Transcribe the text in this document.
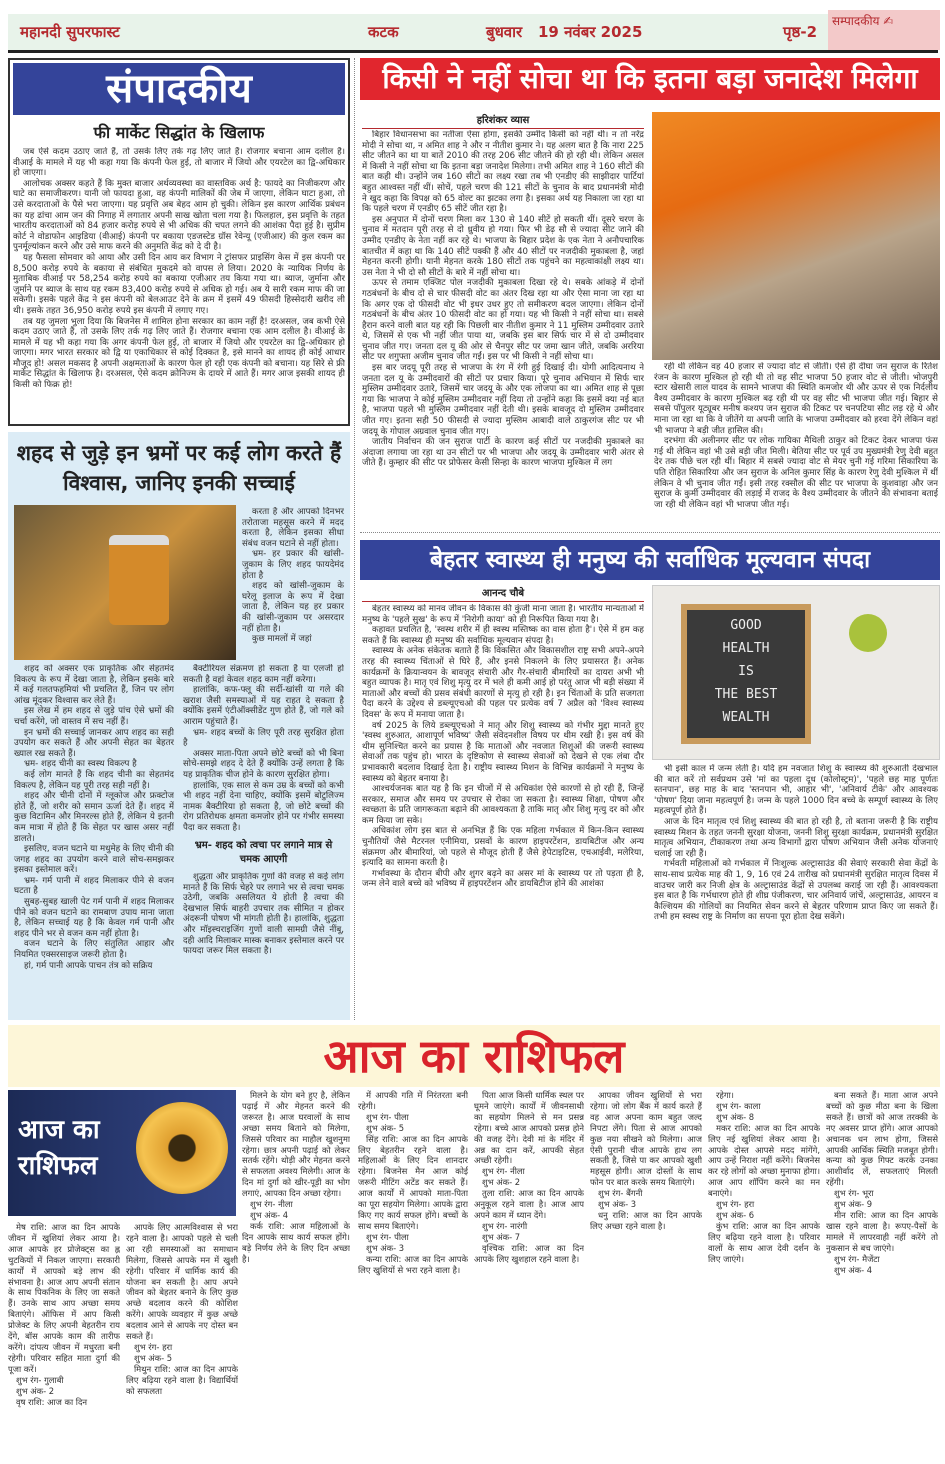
महानदी सुपरफास्ट	कटक	बुधवार 19 नवंबर 2025	पृष्ठ-2
सम्पादकीय ✍
संपादकीय
फी मार्केट सिद्धांत के खिलाफ

जब ऐसे कदम उठाए जाते हैं, तो उसके लिए तर्क गढ़ लिए जाते हैं। रोजगार बचाना आम दलील है। वीआई के मामले में यह भी कहा गया कि कंपनी फेल हुई, तो बाजार में जियो और एयरटेल का द्वि-अधिकार हो जाएगा।

आलोचक अक्सर कहते हैं कि मुक्त बाजार अर्थव्यवस्था का वास्तविक अर्थ है: फायदे का निजीकरण और घाटे का समाजीकरण। यानी जो फायदा हुआ, वह कंपनी मालिकों की जेब में जाएगा, लेकिन घाटा हुआ, तो उसे करदाताओं के पैसे भरा जाएगा। यह प्रवृत्ति अब बेहद आम हो चुकी। लेकिन इस कारण आर्थिक प्रबंधन का यह ढांचा आम जन की निगाह में लगातार अपनी साख खोता चला गया है। फिलहाल, इस प्रवृत्ति के तहत भारतीय करदाताओं को 84 हजार करोड़ रुपये से भी अधिक की चपत लगने की आशंका पैदा हुई है। सुप्रीम कोर्ट ने वोडाफोन आइडिया (वीआई) कंपनी पर बकाया एडजस्टेड ग्रॉस रेवेन्यू (एजीआर) की कुल रकम का पुनर्मूल्यांकन करने और उसे माफ करने की अनुमति केंद्र को दे दी है।

यह फैसला सोमवार को आया और उसी दिन आय कर विभाग ने ट्रांसफर प्राइसिंग केस में इस कंपनी पर 8,500 करोड़ रुपये के बकाया से संबंधित मुकदमे को वापस ले लिया। 2020 के न्यायिक निर्णय के मुताबिक वीआई पर 58,254 करोड़ रुपये का बकाया एजीआर तय किया गया था। ब्याज, जुर्माना और जुर्माने पर ब्याज के साथ यह रकम 83,400 करोड़ रुपये से अधिक हो गई। अब ये सारी रकम माफ की जा सकेगी। इसके पहले केंद्र ने इस कंपनी को बेलआउट देने के क्रम में इसमें 49 फीसदी हिस्सेदारी खरीद ली थी। इसके तहत 36,950 करोड़ रुपये इस कंपनी में लगाए गए।

तब यह जुमला भुला दिया कि बिजनेस में शामिल होना सरकार का काम नहीं है! दरअसल, जब कभी ऐसे कदम उठाए जाते हैं, तो उसके लिए तर्क गढ़ लिए जाते हैं। रोजगार बचाना एक आम दलील है। वीआई के मामले में यह भी कहा गया कि अगर कंपनी फेल हुई, तो बाजार में जियो और एयरटेल का द्वि-अधिकार हो जाएगा। मगर भारत सरकार को द्वि या एकाधिकार से कोई दिक्कत है, इसे मानने का शायद ही कोई आधार मौजूद हो! असल मकसद है अपनी अक्षमताओं के कारण फेल हो रही एक कंपनी को बचाना। यह सिरे से फ्री मार्केट सिद्धांत के खिलाफ है। दरअसल, ऐसे कदम क्रोनिज्म के दायरे में आते हैं। मगर आज इसकी शायद ही किसी को फिक्र हो!

शहद से जुड़े इन भ्रमों पर कई लोग करते हैं विश्वास, जानिए इनकी सच्चाई

करता है और आपको दिनभर तरोताजा महसूस करने में मदद करता है, लेकिन इसका सीधा संबंध वजन घटाने से नहीं होता।

भ्रम- हर प्रकार की खांसी-जुकाम के लिए शहद फायदेमंद होता है

शहद को खांसी-जुकाम के घरेलू इलाज के रूप में देखा जाता है, लेकिन यह हर प्रकार की खांसी-जुकाम पर असरदार नहीं होता है।

कुछ मामलों में जहां

शहद को अक्सर एक प्राकृतिक और सेहतमंद विकल्प के रूप में देखा जाता है, लेकिन इसके बारे में कई गलतफहमियां भी प्रचलित हैं, जिन पर लोग आंख मूंदकर विश्वास कर लेते हैं।

इस लेख में हम शहद से जुड़े पांच ऐसे भ्रमों की चर्चा करेंगे, जो वास्तव में सच नहीं हैं।

इन भ्रमों की सच्चाई जानकर आप शहद का सही उपयोग कर सकते हैं और अपनी सेहत का बेहतर ख्याल रख सकते हैं।

भ्रम- शहद चीनी का स्वस्थ विकल्प है

कई लोग मानते हैं कि शहद चीनी का सेहतमंद विकल्प है, लेकिन यह पूरी तरह सही नहीं है।

शहद और चीनी दोनों में ग्लूकोज और फ्रक्टोज होते हैं, जो शरीर को समान ऊर्जा देते हैं। शहद में कुछ विटामिन और मिनरल्स होते हैं, लेकिन ये इतनी कम मात्रा में होते हैं कि सेहत पर खास असर नहीं डालते।

इसलिए, वजन घटाने या मधुमेह के लिए चीनी की जगह शहद का उपयोग करने वाले सोच-समझकर इसका इस्तेमाल करें।

भ्रम- गर्म पानी में शहद मिलाकर पीने से वजन घटता है

सुबह-सुबह खाली पेट गर्म पानी में शहद मिलाकर पीने को वजन घटाने का रामबाण उपाय माना जाता है, लेकिन सच्चाई यह है कि केवल गर्म पानी और शहद पीने भर से वजन कम नहीं होता है।

वजन घटाने के लिए संतुलित आहार और नियमित एक्सरसाइज जरूरी होता है।

हां, गर्म पानी आपके पाचन तंत्र को सक्रिय

बैक्टीरियल संक्रमण हो सकता है या एलर्जी हो सकती है वहां केवल शहद काम नहीं करेगा।

हालांकि, कफ-फ्लू की सर्दी-खांसी या गले की खराश जैसी समस्याओं में यह राहत दे सकता है क्योंकि इसमें एंटीऑक्सीडेंट गुण होते हैं, जो गले को आराम पहुंचाते हैं।

भ्रम- शहद बच्चों के लिए पूरी तरह सुरक्षित होता है

अक्सर माता-पिता अपने छोटे बच्चों को भी बिना सोचे-समझे शहद दे देते हैं क्योंकि उन्हें लगता है कि यह प्राकृतिक चीज होने के कारण सुरक्षित होगा।

हालांकि, एक साल से कम उम्र के बच्चों को कभी भी शहद नहीं देना चाहिए, क्योंकि इसमें बोटुलिज्म नामक बैक्टीरिया हो सकता है, जो छोटे बच्चों की रोग प्रतिरोधक क्षमता कमजोर होने पर गंभीर समस्या पैदा कर सकता है।

भ्रम- शहद को त्वचा पर लगाने मात्र से चमक आएगी

शुद्धता और प्राकृतिक गुणों की वजह से कई लोग मानते हैं कि सिर्फ चेहरे पर लगाने भर से त्वचा चमक उठेगी, जबकि असलियत ये होती है त्वचा की देखभाल सिर्फ बाहरी उपचार तक सीमित न होकर अंदरूनी पोषण भी मांगती होती है। हालांकि, शुद्धता और मॉइस्चराइजिंग गुणों वाली सामग्री जैसे नींबू, दही आदि मिलाकर मास्क बनाकर इस्तेमाल करने पर फायदा जरूर मिल सकता है।

किसी ने नहीं सोचा था कि इतना बड़ा जनादेश मिलेगा
हरिशंकर व्यास

बिहार विधानसभा का नतीजा ऐसा होगा, इसकी उम्मीद किसी को नहीं थी। न तो नरेंद्र मोदी ने सोचा था, न अमित शाह ने और न नीतीश कुमार ने। यह अलग बात है कि नारा 225 सीट जीतने का था या बातें 2010 की तरह 206 सीट जीतने की हो रही थी। लेकिन असल में किसी ने नहीं सोचा था कि इतना बड़ा जनादेश मिलेगा। तभी अमित शाह ने 160 सीटों की बात कही थी। उन्होंने जब 160 सीटों का लक्ष्य रखा तब भी एनडीए की साझीदार पार्टियां बहुत आश्वस्त नहीं थीं। सोचें, पहले चरण की 121 सीटों के चुनाव के बाद प्रधानमंत्री मोदी ने खुद कहा कि विपक्ष को 65 वोल्ट का झटका लगा है। इसका अर्थ यह निकाला जा रहा था कि पहले चरण में एनडीए 65 सीटें जीत रहा है।

इस अनुपात में दोनों चरण मिला कर 130 से 140 सीटें हो सकती थीं। दूसरे चरण के चुनाव में मतदान पूरी तरह से दो ध्रुवीय हो गया। फिर भी डेढ़ सौ से ज्यादा सीट जाने की उम्मीद एनडीए के नेता नहीं कर रहे थे। भाजपा के बिहार प्रदेश के एक नेता ने अनौपचारिक बातचीत में कहा था कि 140 सीटें पक्की हैं और 40 सीटों पर नजदीकी मुकाबला है, जहां मेहनत करनी होगी। यानी मेहनत करके 180 सीटों तक पहुंचने का महत्वाकांक्षी लक्ष्य था। उस नेता ने भी दो सौ सीटों के बारे में नहीं सोचा था।

ऊपर से तमाम एक्जिट पोल नजदीकी मुकाबला दिखा रहे थे। सबके आंकड़े में दोनों गठबंधनों के बीच दो से चार फीसदी वोट का अंतर दिख रहा था और ऐसा माना जा रहा था कि अगर एक दो फीसदी वोट भी इधर उधर हुए तो समीकरण बदल जाएगा। लेकिन दोनों गठबंधनों के बीच अंतर 10 फीसदी वोट का हो गया। यह भी किसी ने नहीं सोचा था। सबसे हैरान करने वाली बात यह रही कि पिछली बार नीतीश कुमार ने 11 मुस्लिम उम्मीदवार उतारे थे, जिसमें से एक भी नहीं जीत पाया था, जबकि इस बार सिर्फ चार में से दो उम्मीदवार चुनाव जीत गए। जनता दल यू की ओर से चैनपुर सीट पर जमा खान जीते, जबकि अररिया सीट पर शगुफ्ता अजीम चुनाव जीत गईं। इस पर भी किसी ने नहीं सोचा था।

इस बार जदयू पूरी तरह से भाजपा के रंग में रंगी हुई दिखाई दी। योगी आदित्यनाथ ने जनता दल यू के उम्मीदवारों की सीटों पर प्रचार किया। पूरे चुनाव अभियान में सिर्फ चार मुस्लिम उम्मीदवार उतारे, जिसमें चार जदयू के और एक लोजपा का था। अमित शाह से पूछा गया कि भाजपा ने कोई मुस्लिम उम्मीदवार नहीं दिया तो उन्होंने कहा कि इसमें क्या नई बात है, भाजपा पहले भी मुस्लिम उम्मीदवार नहीं देती थी। इसके बावजूद दो मुस्लिम उम्मीदवार जीत गए। इतना सही 50 फीसदी से ज्यादा मुस्लिम आबादी वाले ठाकुरगंज सीट पर भी जदयू के गोपाल अग्रवाल चुनाव जीत गए।

जातीय निर्वाचन की जन सुराज पार्टी के कारण कई सीटों पर नजदीकी मुकाबले का अंदाजा लगाया जा रहा था उन सीटों पर भी भाजपा और जदयू के उम्मीदवार भारी अंतर से जीते हैं। कुम्हार की सीट पर प्रोफेसर केसी सिन्हा के कारण भाजपा मुश्किल में लग

रही थी लेकिन वह 40 हजार से ज्यादा वोट से जीती। ऐसे ही दीघा जन सुराज के रितेश रंजन के कारण मुश्किल हो रही थी तो वह सीट भाजपा 50 हजार वोट से जीती। भोजपुरी स्टार खेसारी लाल यादव के सामने भाजपा की स्थिति कमजोर थी और ऊपर से एक निर्दलीय वैश्य उम्मीदवार के कारण मुश्किल बढ़ रही थी पर वह सीट भी भाजपा जीत गई। बिहार से सबसे पॉपुलर यूट्यूबर मनीष कश्यप जन सुराज की टिकट पर चनपटिया सीट लड़ रहे थे और माना जा रहा था कि वे जीतेंगे या अपनी जाति के भाजपा उम्मीदवार को हरवा देंगे लेकिन वहां भी भाजपा ने बड़ी जीत हासिल की।

दरभंगा की अलीनगर सीट पर लोक गायिका मैथिली ठाकुर को टिकट देकर भाजपा फंस गई थी लेकिन वहां भी उसे बड़ी जीत मिली। बेतिया सीट पर पूर्व उप मुख्यमंत्री रेणु देवी बहुत देर तक पीछे चल रही थीं। बिहार में सबसे ज्यादा वोट से मेयर चुनी गई गरिमा सिकारिया के पति रोहित सिकारिया और जन सुराज के अनिल कुमार सिंह के कारण रेणु देवी मुश्किल में थीं लेकिन वे भी चुनाव जीत गईं। इसी तरह रक्सौल की सीट पर भाजपा के कुशवाहा और जन सुराज के कुर्मी उम्मीदवार की लड़ाई में राजद के वैश्य उम्मीदवार के जीतने की संभावना बताई जा रही थी लेकिन वहां भी भाजपा जीत गई।

बेहतर स्वास्थ्य ही मनुष्य की सर्वाधिक मूल्यवान संपदा
आनन्द चौबे

बेहतर स्वास्थ्य को मानव जीवन के विकास की कुंजी माना जाता है। भारतीय मान्यताओं में मनुष्य के 'पहले सुख' के रूप में 'निरोगी काया' को ही निरूपित किया गया है।

कहावत प्रचलित है, 'स्वस्थ शरीर में ही स्वस्थ मस्तिष्क का वास होता है'। ऐसे में हम कह सकते हैं कि स्वास्थ्य ही मनुष्य की सर्वाधिक मूल्यवान संपदा है।

स्वास्थ्य के अनेक संकेतक बताते हैं कि विकसित और विकासशील राष्ट्र सभी अपने-अपने तरह की स्वास्थ्य चिंताओं से घिरे हैं, और इनसे निकलने के लिए प्रयासरत हैं। अनेक कार्यक्रमों के क्रियान्वयन के बावजूद संचारी और गैर-संचारी बीमारियों का दायरा अभी भी बहुत व्यापक है। मातृ एवं शिशु मृत्यु दर में भले ही कमी आई हो परंतु आज भी बड़ी संख्या में माताओं और बच्चों की प्रसव संबंधी कारणों से मृत्यु हो रही है। इन चिंताओं के प्रति सजगता पैदा करने के उद्देश्य से डब्ल्यूएचओ की पहल पर प्रत्येक वर्ष 7 अप्रैल को 'विश्व स्वास्थ्य दिवस' के रूप में मनाया जाता है।

वर्ष 2025 के लिये डब्ल्यूएचओ ने मातृ और शिशु स्वास्थ्य को गंभीर मुद्दा मानते हुए 'स्वस्थ शुरुआत, आशापूर्ण भविष्य' जैसी संवेदनशील विषय पर थीम रखी है। इस वर्ष की थीम सुनिश्चित करने का प्रयास है कि माताओं और नवजात शिशुओं की जरूरी स्वास्थ्य सेवाओं तक पहुंच हो। भारत के दृष्टिकोण से स्वास्थ्य सेवाओं को देखने से एक लंबा दौर प्रभावकारी बदलाव दिखाई देता है। राष्ट्रीय स्वास्थ्य मिशन के विभिन्न कार्यक्रमों ने मनुष्य के स्वास्थ्य को बेहतर बनाया है।

आश्चर्यजनक बात यह है कि इन चीजों में से अधिकांश ऐसे कारणों से हो रही हैं, जिन्हें सरकार, समाज और समय पर उपचार से रोका जा सकता है। स्वास्थ्य शिक्षा, पोषण और स्वच्छता के प्रति जागरूकता बढ़ाने की आवश्यकता है ताकि मातृ और शिशु मृत्यु दर को और कम किया जा सके।

अधिकांश लोग इस बात से अनभिज्ञ हैं कि एक महिला गर्भकाल में किन-किन स्वास्थ्य चुनौतियों जैसे मैटरनल एनीमिया, प्रसवों के कारण हाइपरटेंशन, डायबिटीज और अन्य संक्रमण और बीमारियां, जो पहले से मौजूद होती हैं जैसे हेपेटाइटिस, एचआईवी, मलेरिया, इत्यादि का सामना करती है।

गर्भावस्था के दौरान बीपी और शुगर बढ़ने का असर मां के स्वास्थ्य पर तो पड़ता ही है, जन्म लेने वाले बच्चे को भविष्य में हाइपरटेंशन और डायबिटीज होने की आशंका

GOOD
HEALTH
IS
THE BEST
WEALTH

भी इसी काल में जन्म लेती है। यदि हम नवजात शिशु के स्वास्थ्य की शुरुआती देखभाल की बात करें तो सर्वप्रथम उसे 'मां का पहला दूध (कोलोस्ट्रम)', 'पहले छह माह पूर्णतः स्तनपान', छह माह के बाद 'स्तनपान भी, आहार भी', 'अनिवार्य टीके' और आवश्यक 'पोषण' दिया जाना महत्वपूर्ण है। जन्म के पहले 1000 दिन बच्चे के सम्पूर्ण स्वास्थ्य के लिए महत्वपूर्ण होते हैं।

आज के दिन मातृत्व एवं शिशु स्वास्थ्य की बात हो रही है, तो बताना जरूरी है कि राष्ट्रीय स्वास्थ्य मिशन के तहत जननी सुरक्षा योजना, जननी शिशु सुरक्षा कार्यक्रम, प्रधानमंत्री सुरक्षित मातृत्व अभियान, टीकाकरण तथा अन्य विभागों द्वारा पोषण अभियान जैसी अनेक योजनाएं चलाई जा रही हैं।

गर्भवती महिलाओं को गर्भकाल में निःशुल्क अल्ट्रासाउंड की सेवाएं सरकारी सेवा केंद्रों के साथ-साथ प्रत्येक माह की 1, 9, 16 एवं 24 तारीख को प्रधानमंत्री सुरक्षित मातृत्व दिवस में वाउचर जारी कर निजी क्षेत्र के अल्ट्रासाउंड केंद्रों से उपलब्ध कराई जा रही हैं। आवश्यकता इस बात है कि गर्भधारण होते ही शीघ्र पंजीकरण, चार अनिवार्य जांचें, अल्ट्रासाउंड, आयरन व कैल्शियम की गोलियों का नियमित सेवन करने से बेहतर परिणाम प्राप्त किए जा सकते हैं। तभी हम स्वस्थ राष्ट्र के निर्माण का सपना पूरा होता देख सकेंगे।

आज का राशिफल
आज का राशिफल

मेष राशि: आज का दिन आपके जीवन में खुशियां लेकर आया है। आज आपके हर प्रोजेक्ट्स का ह्ल चुटकियों में निकल जाएगा। सरकारी कार्यों में आपको बड़े लाभ की संभावना है। आज आप अपनी संतान के साथ पिकनिक के लिए जा सकते हैं। उनके साथ आप अच्छा समय बिताएंगे। ऑफिस में आप किसी प्रोजेक्ट के लिए अपनी बेहतरीन राय देंगे, बॉस आपके काम की तारीफ करेंगे। दांपत्य जीवन में मधुरता बनी रहेगी। परिवार सहित माता दुर्गा की पूजा करें।

शुभ रंग- गुलाबी

शुभ अंक- 2

वृष राशि: आज का दिन

आपके लिए आत्मविश्वास से भरा रहने वाला है। आपको पहले से चली आ रही समस्याओं का समाधान मिलेगा, जिससे आपके मन में खुशी रहेगी। परिवार में धार्मिक कार्य की योजना बन सकती है। आप अपने जीवन को बेहतर बनाने के लिए कुछ अच्छे बदलाव करने की कोशिश करेंगे। आपके व्यवहार में कुछ अच्छे बदलाव आने से आपके नए दोस्त बन सकते हैं।

शुभ रंग- हरा

शुभ अंक- 5

मिथुन राशि: आज का दिन आपके लिए बढ़िया रहने वाला है। विद्यार्थियों को सफलता

मिलने के योग बने हुए है, लेकिन पढ़ाई में और मेहनत करने की जरूरत है। आज घरवालों के साथ अच्छा समय बिताने को मिलेगा, जिससे परिवार का माहौल खुशनुमा रहेगा। छात्र अपनी पढ़ाई को लेकर सतर्क रहेंगे। थोड़ी और मेहनत करने से सफलता अवश्य मिलेगी। आज के दिन मां दुर्गा को खीर-पूड़ी का भोग लगाएं, आपका दिन अच्छा रहेगा।

शुभ रंग- नीला

शुभ अंक- 4

कर्क राशि: आज महिलाओं के दिन आपके साथ कार्य सफल होंगे। बड़े निर्णय लेने के लिए दिन अच्छा है।

में आपकी गति में निरंतरता बनी रहेगी।

शुभ रंग- पीला

शुभ अंक- 5

सिंह राशि: आज का दिन आपके लिए बेहतरीन रहने वाला है। महिलाओं के लिए दिन शानदार रहेगा। बिजनेस मैन आज कोई जरूरी मीटिंग अटेंड कर सकते हैं। आज कार्यों में आपको माता-पिता का पूरा सहयोग मिलेगा। आपके द्वारा किए गए कार्य सफल होंगे। बच्चों के साथ समय बिताएंगे।

शुभ रंग- पीला

शुभ अंक- 3

कन्या राशि: आज का दिन आपके लिए खुशियों से भरा रहने वाला है।

पिता आज किसी धार्मिक स्थल पर घूमने जाएंगे। कार्यों में जीवनसाथी का सहयोग मिलने से मन प्रसन्न रहेगा। बच्चे आज आपको प्रसन्न होने की वजह देंगे। देवी मां के मंदिर में अन्न का दान करें, आपकी सेहत अच्छी रहेगी।

शुभ रंग- नीला

शुभ अंक- 2

तुला राशि: आज का दिन आपके अनुकूल रहने वाला है। आज आप अपने काम में ध्यान देंगे।

शुभ रंग- नारंगी

शुभ अंक- 7

वृश्चिक राशि: आज का दिन आपके लिए खुशहाल रहने वाला है।

आपका जीवन खुशियों से भरा रहेगा। जो लोग बैंक में कार्य करते हैं वह आज अपना काम बहुत जल्द निपटा लेंगे। पिता से आज आपको कुछ नया सीखने को मिलेगा। आज ऐसी पुरानी चीज आपके हाथ लग सकती है, जिसे पा कर आपको खुशी महसूस होगी। आज दोस्तों के साथ फोन पर बात करके समय बिताएंगे।

शुभ रंग- बैंगनी

शुभ अंक- 3

धनु राशि: आज का दिन आपके लिए अच्छा रहने वाला है।

रहेगा।

शुभ रंग- काला

शुभ अंक- 8

मकर राशि: आज का दिन आपके लिए नई खुशियां लेकर आया है। आपके दोस्त आपसे मदद मांगेंगे, आप उन्हें निराश नहीं करेंगे। बिजनेस कर रहे लोगों को अच्छा मुनाफा होगा। आज आप शॉपिंग करने का मन बनाएंगे।

शुभ रंग- हरा

शुभ अंक- 6

कुंभ राशि: आज का दिन आपके लिए बढ़िया रहने वाला है। परिवार वालों के साथ आज देवी दर्शन के लिए जाएंगे।

बना सकते हैं। माता आज अपने बच्चों को कुछ मीठा बना के खिला सकते हैं। छात्रों को आज तरक्की के नए अवसर प्राप्त होंगे। आज आपको अचानक धन लाभ होगा, जिससे आपकी आर्थिक स्थिति मजबूत होगी। कन्या को कुछ गिफ्ट करके उनका आशीर्वाद लें, सफलताएं मिलती रहेंगी।

शुभ रंग- भूरा

शुभ अंक- 9

मीन राशि: आज का दिन आपके खास रहने वाला है। रूपए-पैसों के मामले में लापरवाही नहीं करेंगे तो नुकसान से बच जाएंगे।

शुभ रंग- मैजेंटा

शुभ अंक- 4
